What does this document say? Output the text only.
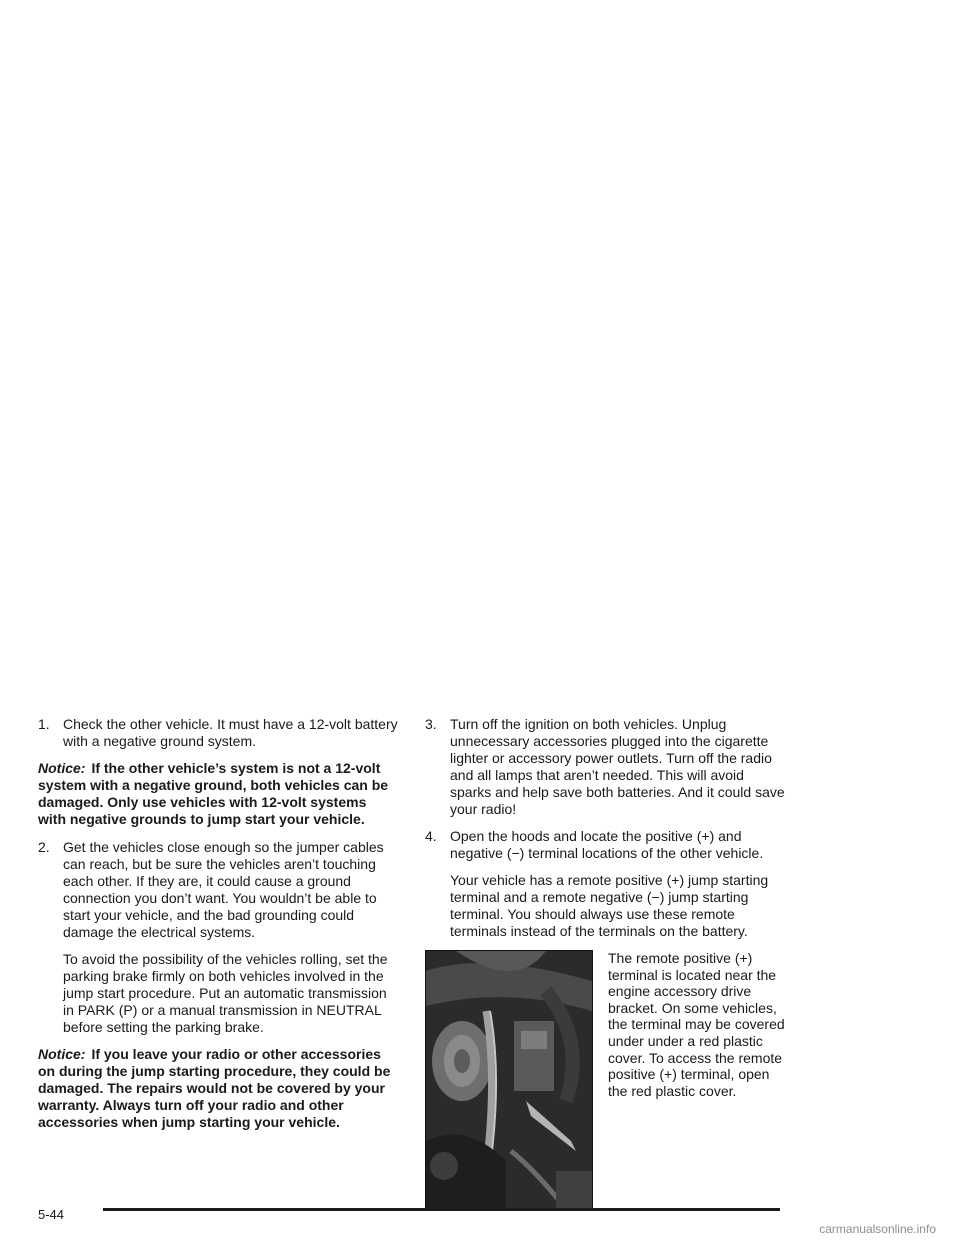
1. Check the other vehicle. It must have a 12-volt battery with a negative ground system.

Notice: If the other vehicle’s system is not a 12-volt system with a negative ground, both vehicles can be damaged. Only use vehicles with 12-volt systems with negative grounds to jump start your vehicle.

2. Get the vehicles close enough so the jumper cables can reach, but be sure the vehicles aren’t touching each other. If they are, it could cause a ground connection you don’t want. You wouldn’t be able to start your vehicle, and the bad grounding could damage the electrical systems.

To avoid the possibility of the vehicles rolling, set the parking brake firmly on both vehicles involved in the jump start procedure. Put an automatic transmission in PARK (P) or a manual transmission in NEUTRAL before setting the parking brake.

Notice: If you leave your radio or other accessories on during the jump starting procedure, they could be damaged. The repairs would not be covered by your warranty. Always turn off your radio and other accessories when jump starting your vehicle.

3. Turn off the ignition on both vehicles. Unplug unnecessary accessories plugged into the cigarette lighter or accessory power outlets. Turn off the radio and all lamps that aren’t needed. This will avoid sparks and help save both batteries. And it could save your radio!
4. Open the hoods and locate the positive (+) and negative (−) terminal locations of the other vehicle.

Your vehicle has a remote positive (+) jump starting terminal and a remote negative (−) jump starting terminal. You should always use these remote terminals instead of the terminals on the battery.

The remote positive (+) terminal is located near the engine accessory drive bracket. On some vehicles, the terminal may be covered under under a red plastic cover. To access the remote positive (+) terminal, open the red plastic cover.
5-44
carmanualsonline.info
